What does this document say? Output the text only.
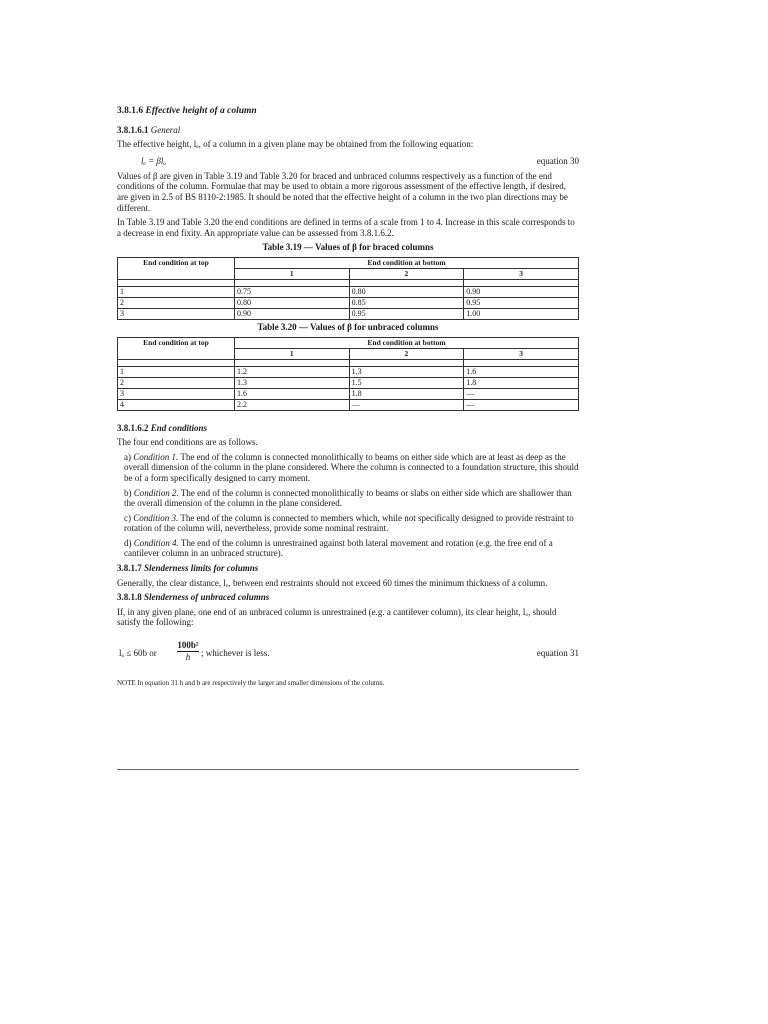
3.8.1.6 Effective height of a column
3.8.1.6.1 General

The effective height, lₑ, of a column in a given plane may be obtained from the following equation:

lₑ = βlₒ	equation 30

Values of β are given in Table 3.19 and Table 3.20 for braced and unbraced columns respectively as a function of the end conditions of the column. Formulae that may be used to obtain a more rigorous assessment of the effective length, if desired, are given in 2.5 of BS 8110-2:1985. It should be noted that the effective height of a column in the two plan directions may be different.

In Table 3.19 and Table 3.20 the end conditions are defined in terms of a scale from 1 to 4. Increase in this scale corresponds to a decrease in end fixity. An appropriate value can be assessed from 3.8.1.6.2.

Table 3.19 — Values of β for braced columns
End condition at top	End condition at bottom		
	1	2	3

1	0.75	0.80	0.90
2	0.80	0.85	0.95
3	0.90	0.95	1.00
Table 3.20 — Values of β for unbraced columns
End condition at top	End condition at bottom		
	1	2	3

1	1.2	1.3	1.6
2	1.3	1.5	1.8
3	1.6	1.8	—
4	2.2	—	—
3.8.1.6.2 End conditions

The four end conditions are as follows.

a) Condition 1. The end of the column is connected monolithically to beams on either side which are at least as deep as the overall dimension of the column in the plane considered. Where the column is connected to a foundation structure, this should be of a form specifically designed to carry moment.

b) Condition 2. The end of the column is connected monolithically to beams or slabs on either side which are shallower than the overall dimension of the column in the plane considered.

c) Condition 3. The end of the column is connected to members which, while not specifically designed to provide restraint to rotation of the column will, nevertheless, provide some nominal restraint.

d) Condition 4. The end of the column is unrestrained against both lateral movement and rotation (e.g. the free end of a cantilever column in an unbraced structure).

3.8.1.7 Slenderness limits for columns

Generally, the clear distance, lₒ, between end restraints should not exceed 60 times the minimum thickness of a column.

3.8.1.8 Slenderness of unbraced columns

If, in any given plane, one end of an unbraced column is unrestrained (e.g. a cantilever column), its clear height, lₒ, should satisfy the following:

lₒ ≤ 60b or $\frac{\text{100b²}}{h}$ ; whichever is less.	equation 31
NOTE In equation 31 h and b are respectively the larger and smaller dimensions of the column.
